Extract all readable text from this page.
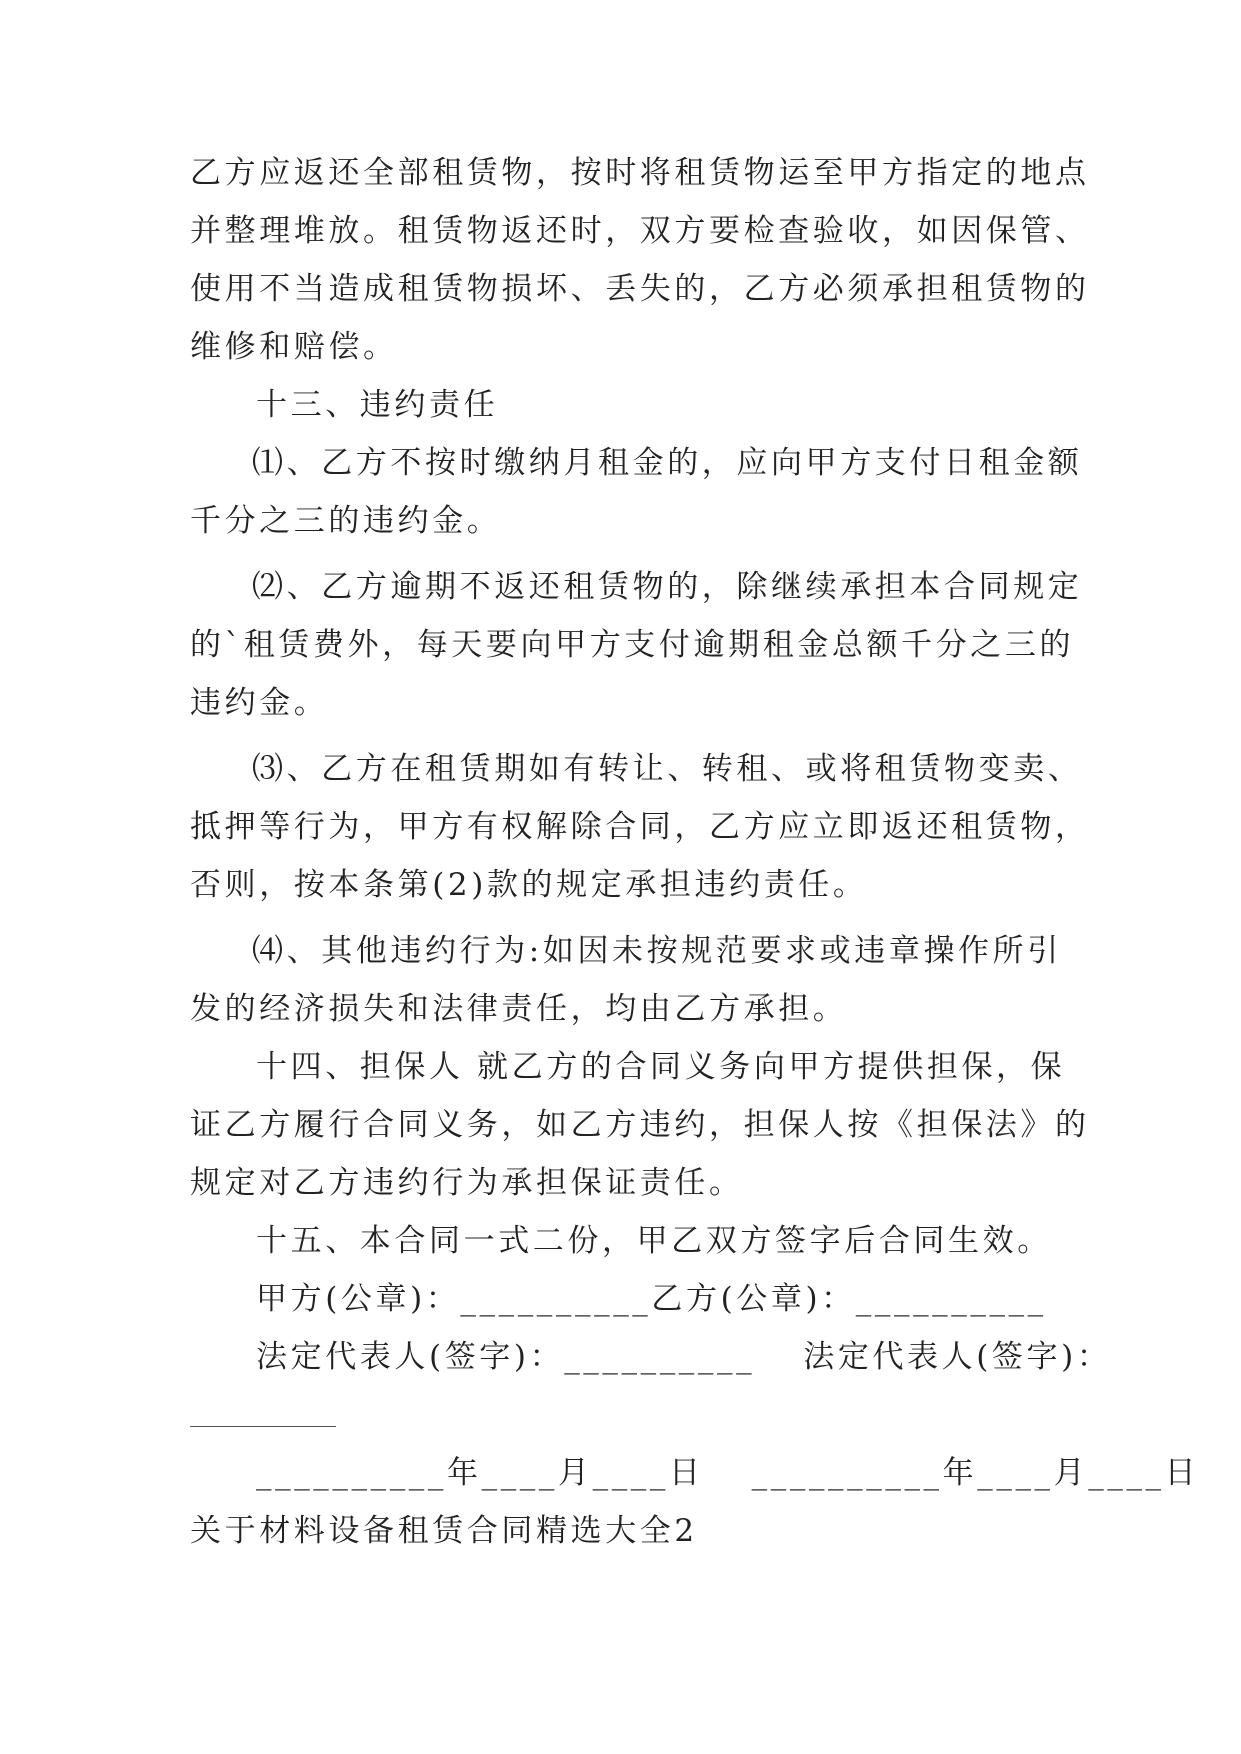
乙方应返还全部租赁物，按时将租赁物运至甲方指定的地点
并整理堆放。租赁物返还时，双方要检查验收，如因保管、
使用不当造成租赁物损坏、丢失的，乙方必须承担租赁物的
维修和赔偿。
十三、违约责任
⑴、乙方不按时缴纳月租金的，应向甲方支付日租金额
千分之三的违约金。
⑵、乙方逾期不返还租赁物的，除继续承担本合同规定
的`租赁费外，每天要向甲方支付逾期租金总额千分之三的
违约金。
⑶、乙方在租赁期如有转让、转租、或将租赁物变卖、
抵押等行为，甲方有权解除合同，乙方应立即返还租赁物，
否则，按本条第(2)款的规定承担违约责任。
⑷、其他违约行为:如因未按规范要求或违章操作所引
发的经济损失和法律责任，均由乙方承担。
十四、担保人 就乙方的合同义务向甲方提供担保，保
证乙方履行合同义务，如乙方违约，担保人按《担保法》的
规定对乙方违约行为承担保证责任。
十五、本合同一式二份，甲乙双方签字后合同生效。
甲方(公章)：__________乙方(公章)：__________
法定代表人(签字)：__________　 法定代表人(签字)：
__________年____月____日　 __________年____月____日
关于材料设备租赁合同精选大全2
